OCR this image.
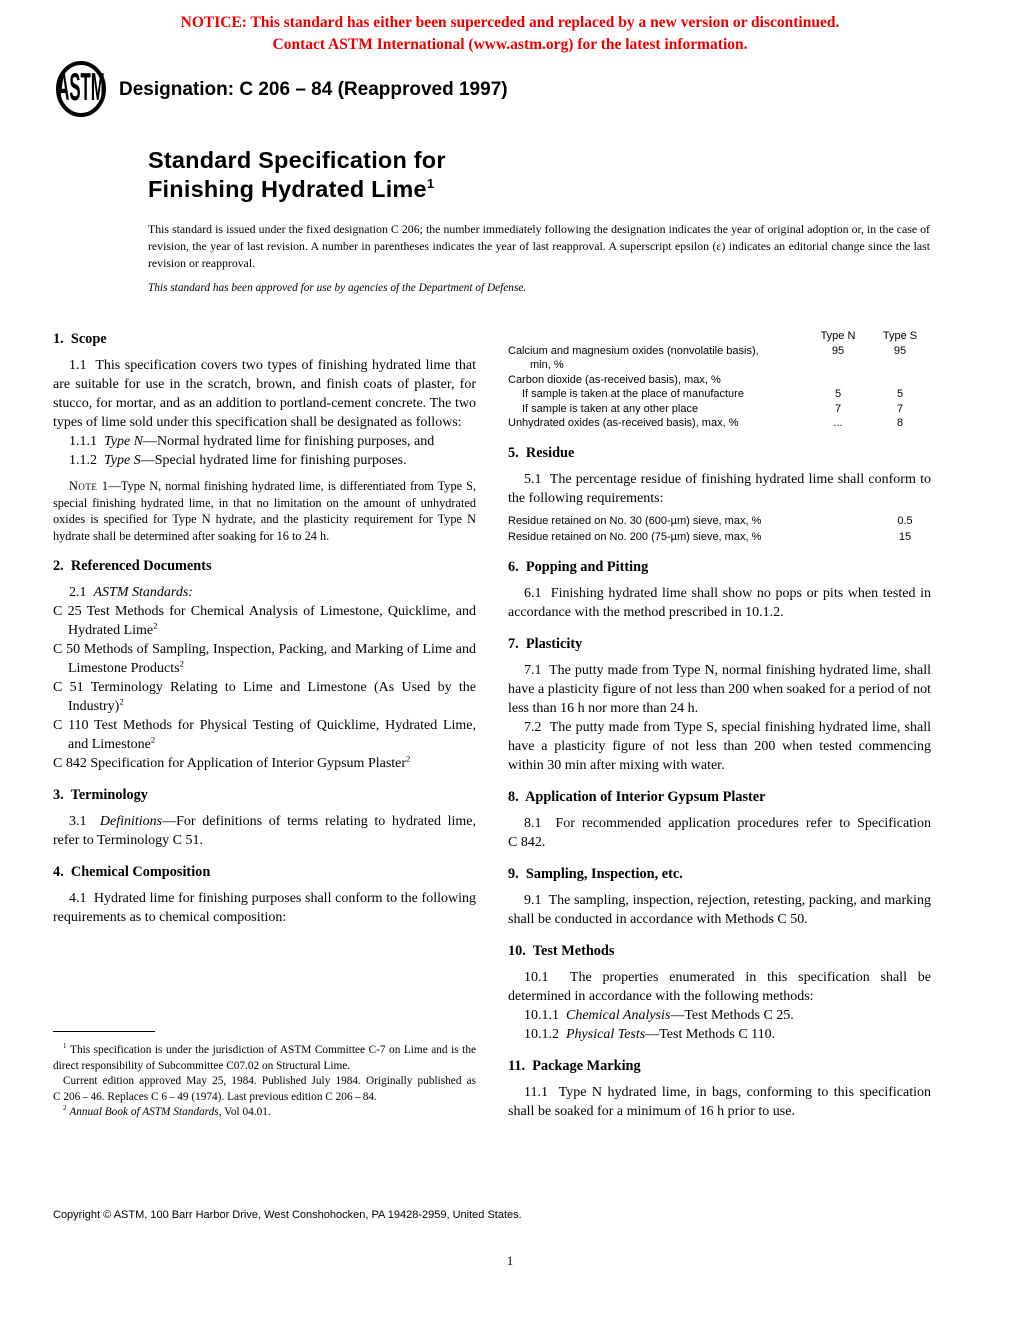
NOTICE: This standard has either been superceded and replaced by a new version or discontinued.
Contact ASTM International (www.astm.org) for the latest information.
ASTM Designation: C 206 – 84 (Reapproved 1997)
Standard Specification for
Finishing Hydrated Lime$^1$
This standard is issued under the fixed designation C 206; the number immediately following the designation indicates the year of original adoption or, in the case of revision, the year of last revision. A number in parentheses indicates the year of last reapproval. A superscript epsilon (ε) indicates an editorial change since the last revision or reapproval.
This standard has been approved for use by agencies of the Department of Defense.
1.  Scope

1.1  This specification covers two types of finishing hydrated lime that are suitable for use in the scratch, brown, and finish coats of plaster, for stucco, for mortar, and as an addition to portland-cement concrete. The two types of lime sold under this specification shall be designated as follows:

1.1.1  Type N—Normal hydrated lime for finishing purposes, and

1.1.2  Type S—Special hydrated lime for finishing purposes.

Note 1—Type N, normal finishing hydrated lime, is differentiated from Type S, special finishing hydrated lime, in that no limitation on the amount of unhydrated oxides is specified for Type N hydrate, and the plasticity requirement for Type N hydrate shall be determined after soaking for 16 to 24 h.

2.  Referenced Documents

2.1  ASTM Standards:

C 25 Test Methods for Chemical Analysis of Limestone, Quicklime, and Hydrated Lime$^2$

C 50 Methods of Sampling, Inspection, Packing, and Marking of Lime and Limestone Products$^2$

C 51 Terminology Relating to Lime and Limestone (As Used by the Industry)$^2$

C 110 Test Methods for Physical Testing of Quicklime, Hydrated Lime, and Limestone$^2$

C 842 Specification for Application of Interior Gypsum Plaster$^2$

3.  Terminology

3.1  Definitions—For definitions of terms relating to hydrated lime, refer to Terminology C 51.

4.  Chemical Composition

4.1  Hydrated lime for finishing purposes shall conform to the following requirements as to chemical composition:

Type N	Type S
Calcium and magnesium oxides (nonvolatile basis),
min, %
95	95
Carbon dioxide (as-received basis), max, %
If sample is taken at the place of manufacture	5	5
If sample is taken at any other place	7	7
Unhydrated oxides (as-received basis), max, %	...	8
5.  Residue

5.1  The percentage residue of finishing hydrated lime shall conform to the following requirements:

Residue retained on No. 30 (600-µm) sieve, max, %	0.5
Residue retained on No. 200 (75-µm) sieve, max, %	15
6.  Popping and Pitting

6.1  Finishing hydrated lime shall show no pops or pits when tested in accordance with the method prescribed in 10.1.2.

7.  Plasticity

7.1  The putty made from Type N, normal finishing hydrated lime, shall have a plasticity figure of not less than 200 when soaked for a period of not less than 16 h nor more than 24 h.

7.2  The putty made from Type S, special finishing hydrated lime, shall have a plasticity figure of not less than 200 when tested commencing within 30 min after mixing with water.

8.  Application of Interior Gypsum Plaster

8.1  For recommended application procedures refer to Specification C 842.

9.  Sampling, Inspection, etc.

9.1  The sampling, inspection, rejection, retesting, packing, and marking shall be conducted in accordance with Methods C 50.

10.  Test Methods

10.1  The properties enumerated in this specification shall be determined in accordance with the following methods:

10.1.1  Chemical Analysis—Test Methods C 25.

10.1.2  Physical Tests—Test Methods C 110.

11.  Package Marking

11.1  Type N hydrated lime, in bags, conforming to this specification shall be soaked for a minimum of 16 h prior to use.

$^1$ This specification is under the jurisdiction of ASTM Committee C-7 on Lime and is the direct responsibility of Subcommittee C07.02 on Structural Lime.

Current edition approved May 25, 1984. Published July 1984. Originally published as C 206 – 46. Replaces C 6 – 49 (1974). Last previous edition C 206 – 84.

$^2$ Annual Book of ASTM Standards, Vol 04.01.

Copyright © ASTM, 100 Barr Harbor Drive, West Conshohocken, PA 19428-2959, United States.
1
